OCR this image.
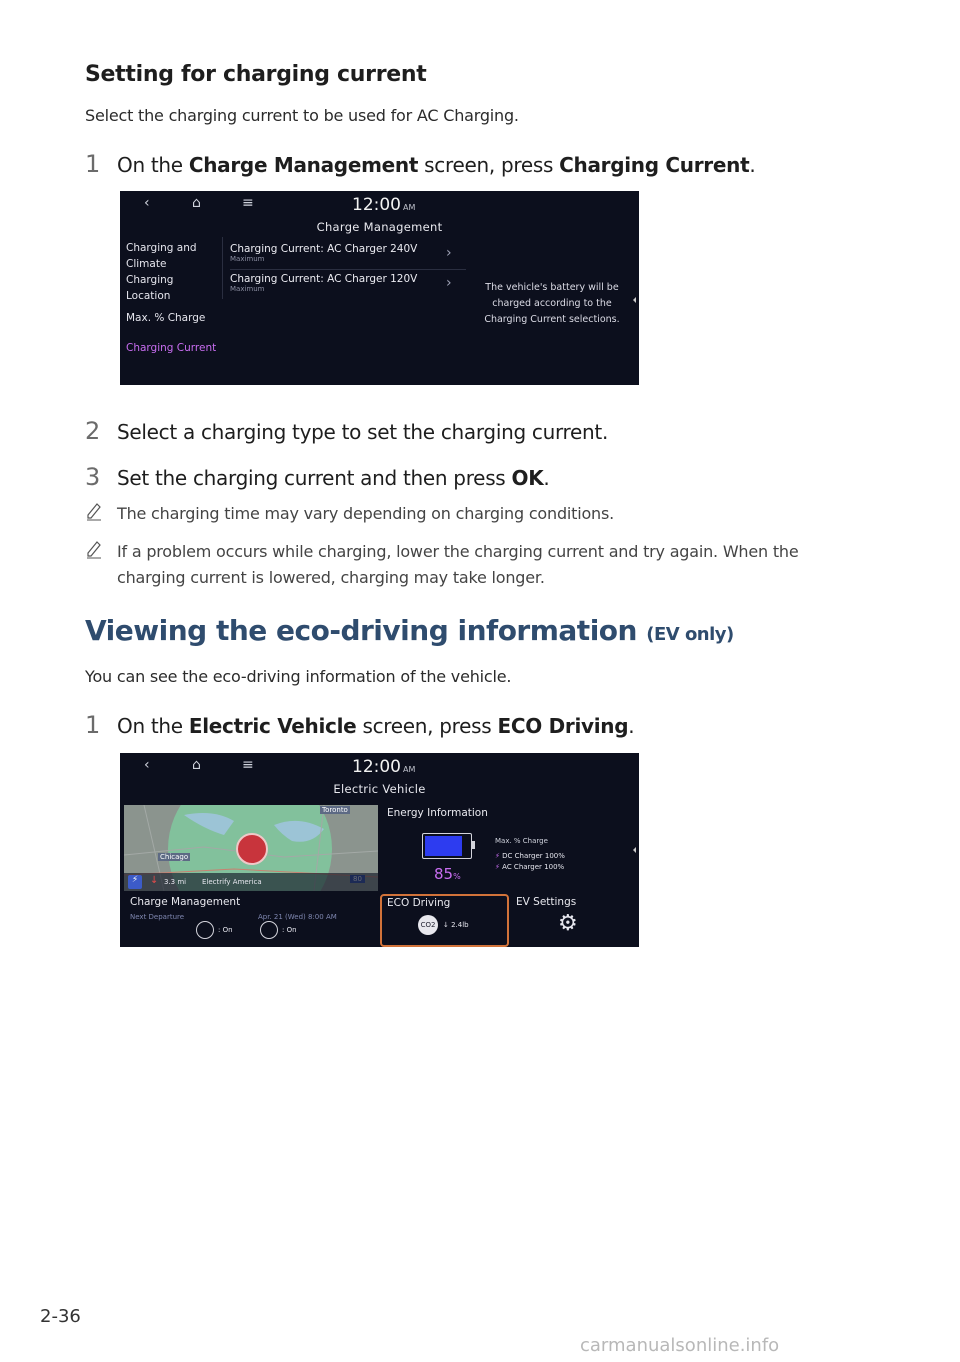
Setting for charging current
Select the charging current to be used for AC Charging.
1 On the Charge Management screen, press Charging Current.
‹	⌂	≡	12:00 AM
Charge Management
Charging and Climate
Charging Location
Max. % Charge
Charging Current
Charging Current: AC Charger 240V
Maximum	›
Charging Current: AC Charger 120V
Maximum	›	The vehicle's battery will be charged according to the Charging Current selections.
2 Select a charging type to set the charging current.
3 Set the charging current and then press OK.
The charging time may vary depending on charging conditions.
If a problem occurs while charging, lower the charging current and try again. When the charging current is lowered, charging may take longer.
Viewing the eco-driving information (EV only)
You can see the eco-driving information of the vehicle.
1 On the Electric Vehicle screen, press ECO Driving.
‹	⌂	≡	12:00 AM
Electric Vehicle
Toronto
Chicago
⚡	↓ 3.3 mi Electrify America
Energy Information
85%
Max. % Charge
⚡ DC Charger 100%
⚡ AC Charger 100%
Charge Management
Next Departure	Apr. 21 (Wed) 8:00 AM
: On	: On
ECO Driving
CO2	↓ 2.4lb
EV Settings
⚙
2-36
carmanualsonline.info
